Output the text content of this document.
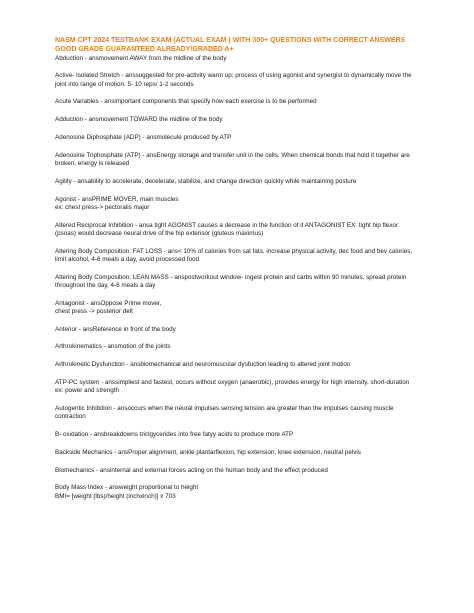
NASM CPT 2024 TESTBANK EXAM (ACTUAL EXAM ) WITH 300+ QUESTIONS WITH CORRECT ANSWERS GOOD GRADE GUARANTEED ALREADY/GRADED A+

Abduction - ansmovement AWAY from the midline of the body

Active- Isolated Stretch - anssuggested for pre-activity warm up; process of using agonist and synergist to dynamically move the joint into range of motion. 5- 10 reps/ 1-2 seconds

Acute Variables - ansimportant components that specify how each exercise is to be performed

Adduction - ansmovement TOWARD the midline of the body

Adenosine Diphosphate (ADP) - ansmolecule produced by ATP

Adenosine Triphosphate (ATP) - ansEnergy storage and transfer unit in the cells. When chemical bonds that hold it together are broken, energy is released

Agility - ansability to accelerate, decelerate, stabilize, and change direction quickly while maintaining posture

Agonist - ansPRIME MOVER, main muscles
ex: chest press-> pectoralis major

Altered Reciprocal Inhibition - ansa tight AGONIST causes a decrease in the function of it ANTAGONIST EX: tight hip flexor (psoas) would decrease neural drive of the hip extensor (gluteus maximus)

Altering Body Composition: FAT LOSS - ans< 10% of calories from sat fats, increase physical activity, dec food and bev calories, limit alcohol, 4-6 meals a day, avoid processed food

Altering Body Composition: LEAN MASS - anspostworkout window- ingest protein and carbs within 90 minutes, spread protein throughout the day, 4-6 meals a day

Antagonist - ansOppose Prime mover,
chest press -> posterior delt

Anterior - ansReference in front of the body

Arthrokinematics - ansmotion of the joints

Arthrokinetic Dysfunction - ansbiomechanical and neuromuscular dysfuction leading to altered joint motion

ATP-PC system - anssimpliest and fastest, occurs without oxygen (anaerobic), provides energy for high intensity, short-duration
ex: power and strength

Autogentic Inhibition - ansoccurs when the neural impulses sensing tension are greater than the impulses causing muscle contraction

B- oxidation - ansbreakdowns triclgycerides into free fatyy acids to produce more ATP

Backside Mechanics - ansProper alignment, ankle plantarflexion, hip extension, knee extension, neutral pelvis

Biomechanics - ansinternal and external forces acting on the human body and the effect produced

Body Mass Index - answeight proportional to height
BMI= [weight (lbs)/height (inchxinch)] x 703
